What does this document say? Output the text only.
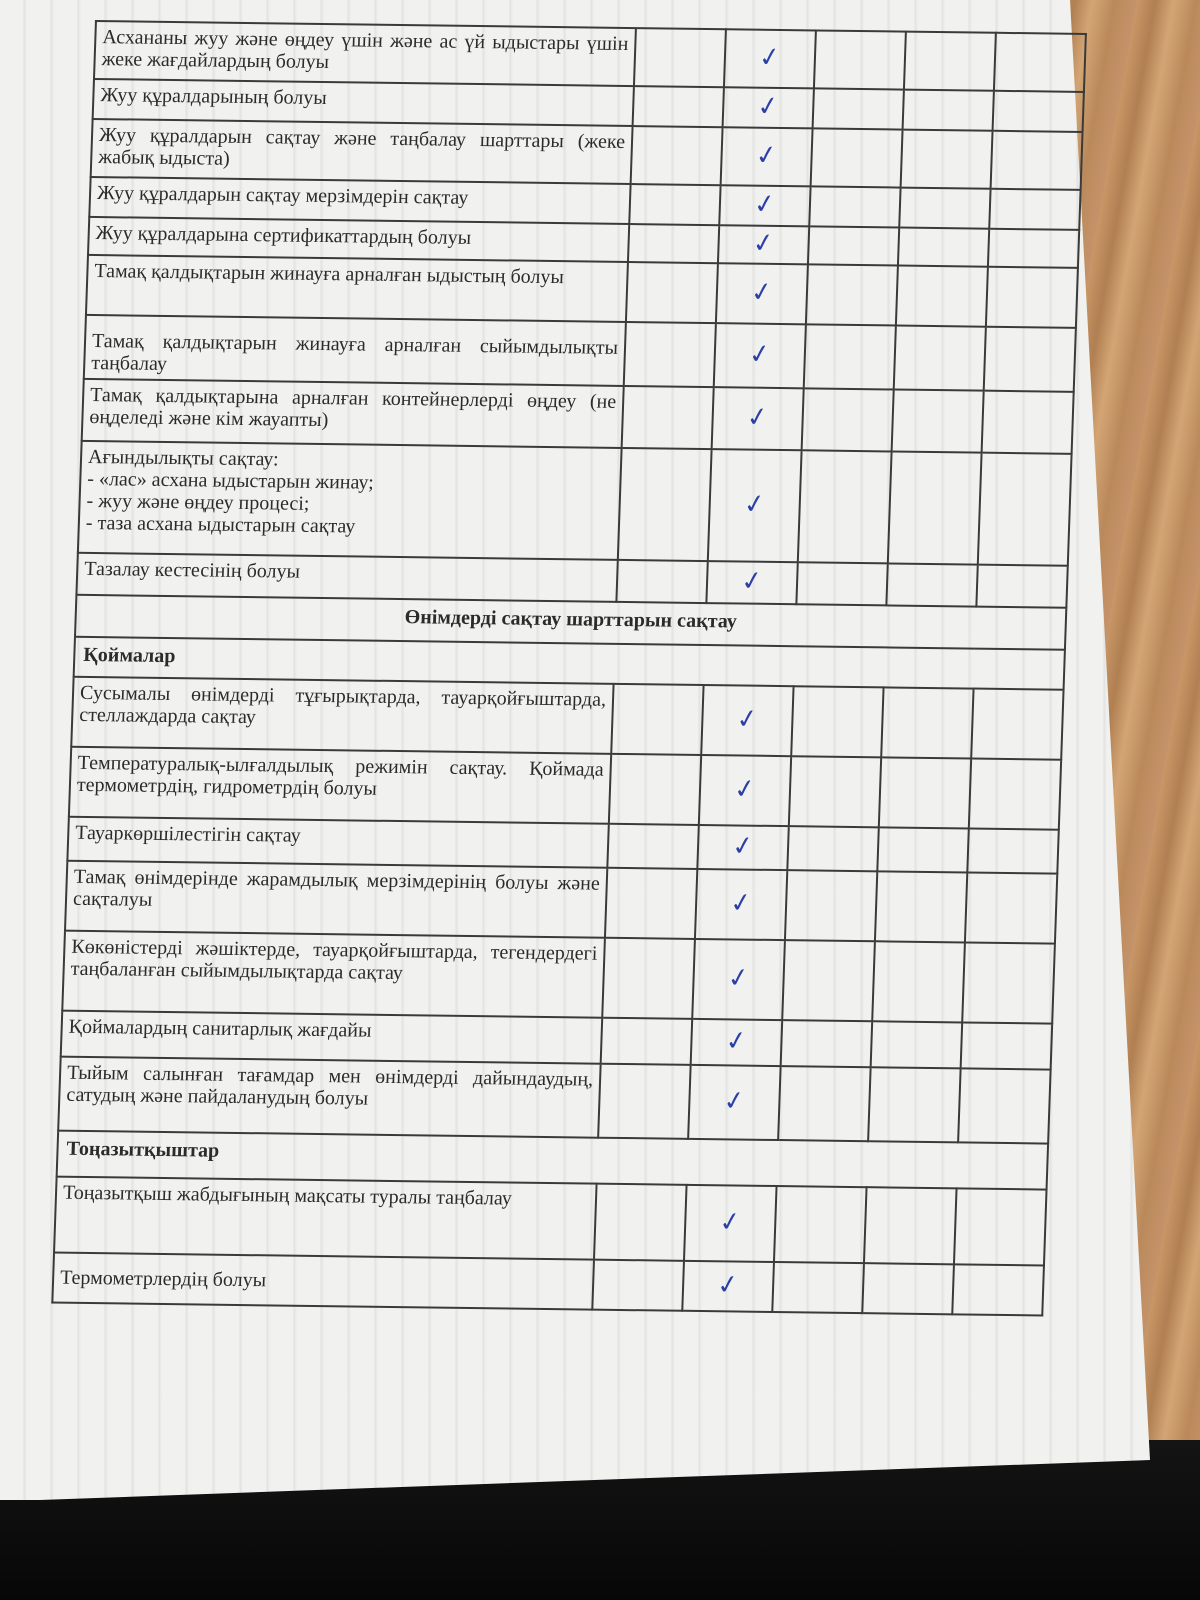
Асхананы жуу және өңдеу үшін және ас үй ыдыстары үшін жеке жағдайлардың болуы		✓			
Жуу құралдарының болуы		✓			
Жуу құралдарын сақтау және таңбалау шарттары (жеке жабық ыдыста)		✓			
Жуу құралдарын сақтау мерзімдерін сақтау		✓			
Жуу құралдарына сертификаттардың болуы		✓			
Тамақ қалдықтарын жинауға арналған ыдыстың болуы		✓			
Тамақ қалдықтарын жинауға арналған сыйымдылықты таңбалау		✓			
Тамақ қалдықтарына арналған контейнерлерді өңдеу (не өңделеді және кім жауапты)		✓			

Ағындылықты сақтау:
- «лас» асхана ыдыстарын жинау;
- жуу және өңдеу процесі;
- таза асхана ыдыстарын сақтау		✓			
Тазалау кестесінің болуы		✓			
Өнімдерді сақтау шарттарын сақтау					
Қоймалар					
Сусымалы өнімдерді тұғырықтарда, тауарқойғыштарда, стеллаждарда сақтау		✓			
Температуралық-ылғалдылық режимін сақтау. Қоймада термометрдің, гидрометрдің болуы		✓			
Тауаркөршілестігін сақтау		✓			
Тамақ өнімдерінде жарамдылық мерзімдерінің болуы және сақталуы		✓			
Көкөністерді жәшіктерде, тауарқойғыштарда, тегендердегі таңбаланған сыйымдылықтарда сақтау		✓			
Қоймалардың санитарлық жағдайы		✓			
Тыйым салынған тағамдар мен өнімдерді дайындаудың, сатудың және пайдаланудың болуы		✓			
Тоңазытқыштар					
Тоңазытқыш жабдығының мақсаты туралы таңбалау		✓			
Термометрлердің болуы		✓			
